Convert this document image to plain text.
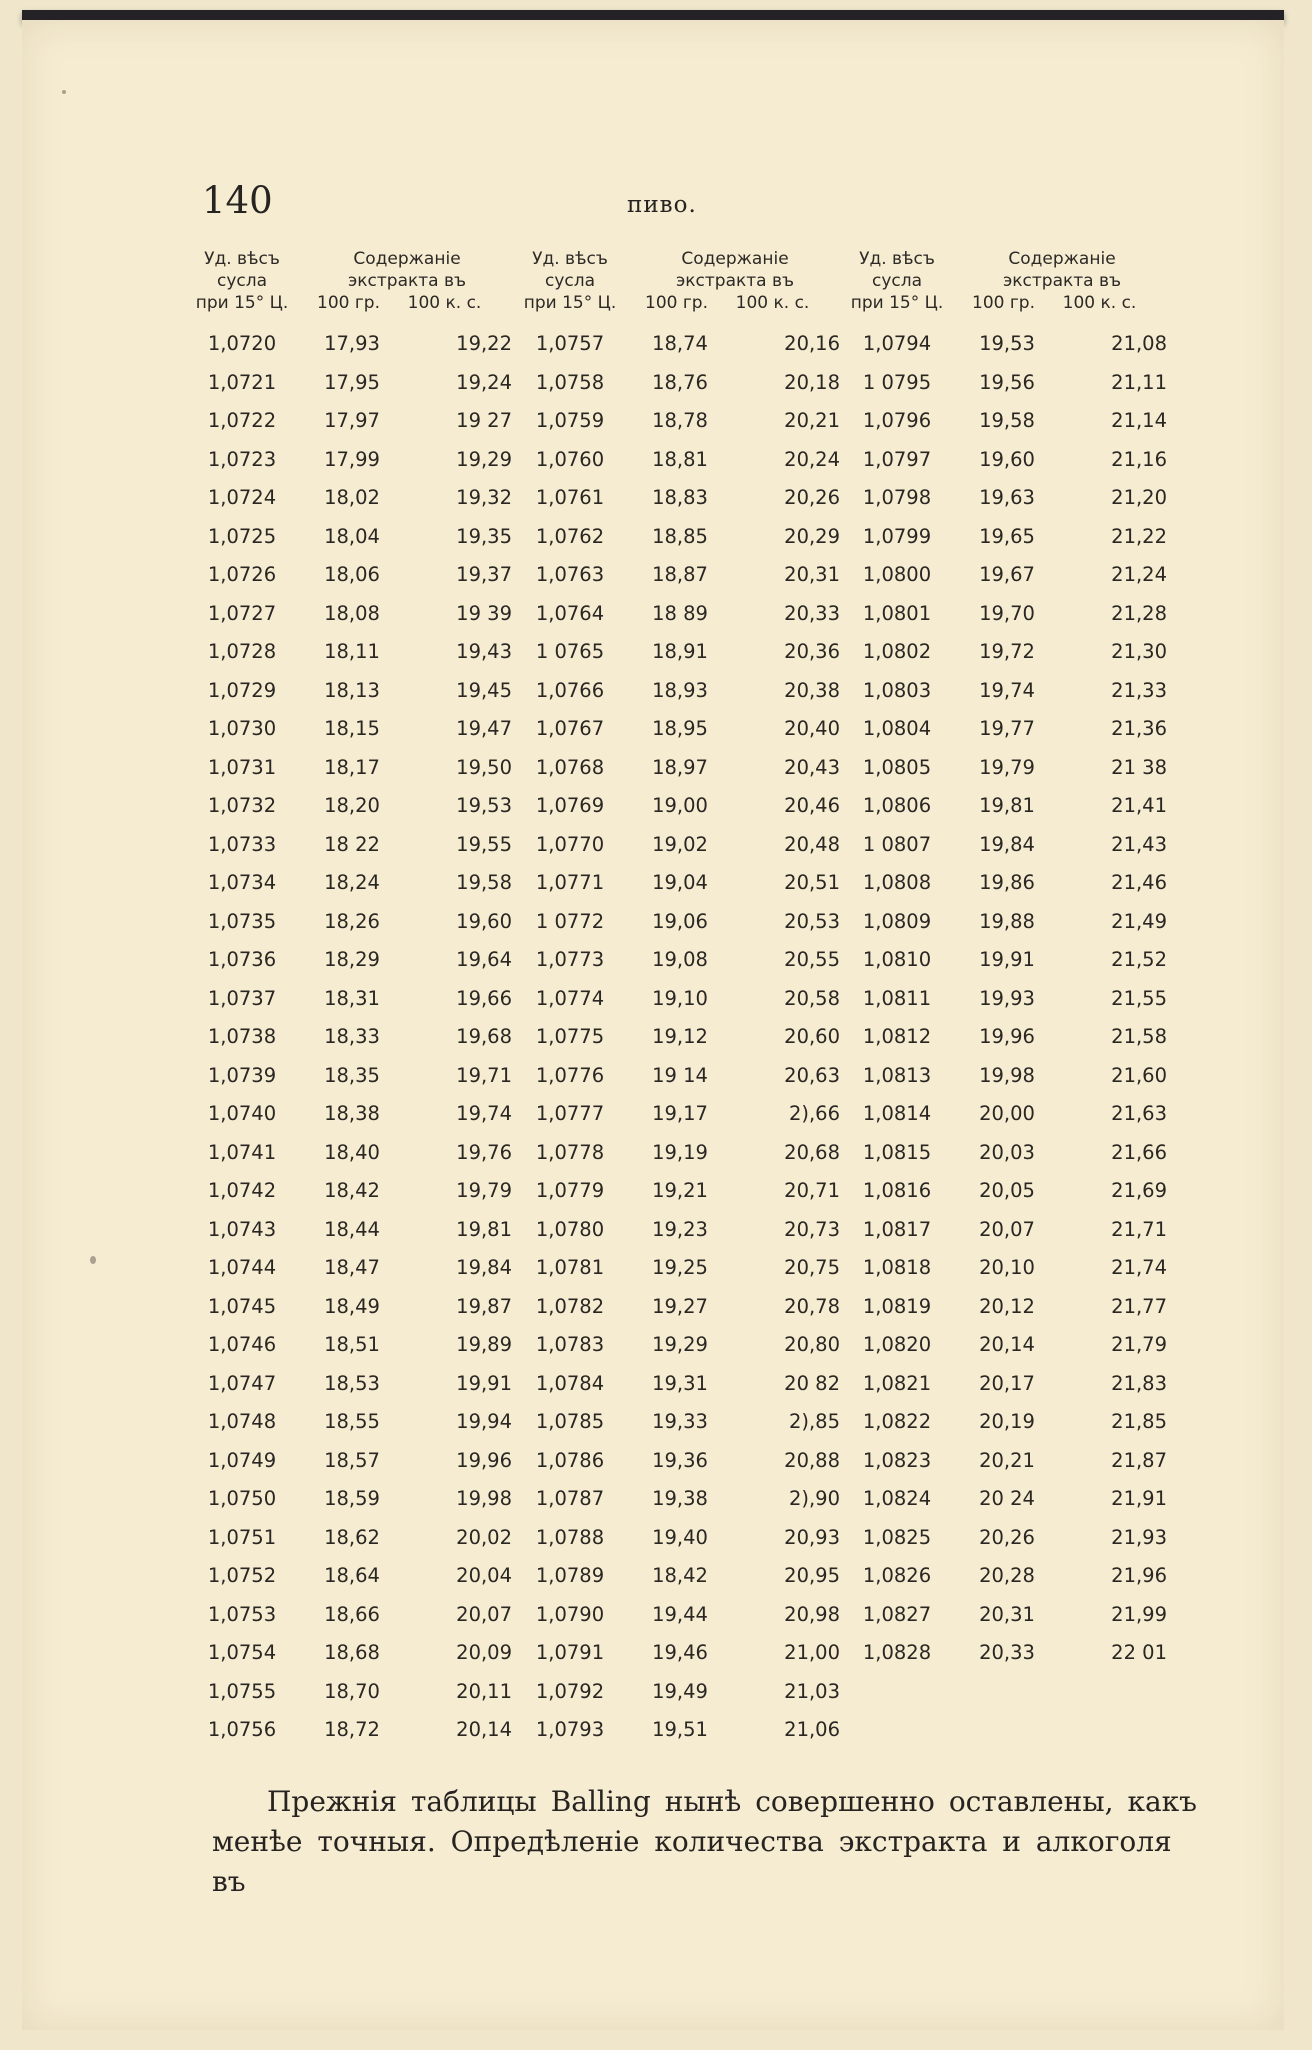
140	пиво.
Уд. вѣсъ
сусла
при 15° Ц.
Содержаніе
экстракта въ
100 гр.	100 к. с.
Уд. вѣсъ
сусла
при 15° Ц.
Содержаніе
экстракта въ
100 гр.	100 к. с.
Уд. вѣсъ
сусла
при 15° Ц.
Содержаніе
экстракта въ
100 гр.	100 к. с.
1,0720	17,93	19,22
1,0721	17,95	19,24
1,0722	17,97	19 27
1,0723	17,99	19,29
1,0724	18,02	19,32
1,0725	18,04	19,35
1,0726	18,06	19,37
1,0727	18,08	19 39
1,0728	18,11	19,43
1,0729	18,13	19,45
1,0730	18,15	19,47
1,0731	18,17	19,50
1,0732	18,20	19,53
1,0733	18 22	19,55
1,0734	18,24	19,58
1,0735	18,26	19,60
1,0736	18,29	19,64
1,0737	18,31	19,66
1,0738	18,33	19,68
1,0739	18,35	19,71
1,0740	18,38	19,74
1,0741	18,40	19,76
1,0742	18,42	19,79
1,0743	18,44	19,81
1,0744	18,47	19,84
1,0745	18,49	19,87
1,0746	18,51	19,89
1,0747	18,53	19,91
1,0748	18,55	19,94
1,0749	18,57	19,96
1,0750	18,59	19,98
1,0751	18,62	20,02
1,0752	18,64	20,04
1,0753	18,66	20,07
1,0754	18,68	20,09
1,0755	18,70	20,11
1,0756	18,72	20,14
1,0757	18,74	20,16
1,0758	18,76	20,18
1,0759	18,78	20,21
1,0760	18,81	20,24
1,0761	18,83	20,26
1,0762	18,85	20,29
1,0763	18,87	20,31
1,0764	18 89	20,33
1 0765	18,91	20,36
1,0766	18,93	20,38
1,0767	18,95	20,40
1,0768	18,97	20,43
1,0769	19,00	20,46
1,0770	19,02	20,48
1,0771	19,04	20,51
1 0772	19,06	20,53
1,0773	19,08	20,55
1,0774	19,10	20,58
1,0775	19,12	20,60
1,0776	19 14	20,63
1,0777	19,17	2),66
1,0778	19,19	20,68
1,0779	19,21	20,71
1,0780	19,23	20,73
1,0781	19,25	20,75
1,0782	19,27	20,78
1,0783	19,29	20,80
1,0784	19,31	20 82
1,0785	19,33	2),85
1,0786	19,36	20,88
1,0787	19,38	2),90
1,0788	19,40	20,93
1,0789	18,42	20,95
1,0790	19,44	20,98
1,0791	19,46	21,00
1,0792	19,49	21,03
1,0793	19,51	21,06
1,0794	19,53	21,08
1 0795	19,56	21,11
1,0796	19,58	21,14
1,0797	19,60	21,16
1,0798	19,63	21,20
1,0799	19,65	21,22
1,0800	19,67	21,24
1,0801	19,70	21,28
1,0802	19,72	21,30
1,0803	19,74	21,33
1,0804	19,77	21,36
1,0805	19,79	21 38
1,0806	19,81	21,41
1 0807	19,84	21,43
1,0808	19,86	21,46
1,0809	19,88	21,49
1,0810	19,91	21,52
1,0811	19,93	21,55
1,0812	19,96	21,58
1,0813	19,98	21,60
1,0814	20,00	21,63
1,0815	20,03	21,66
1,0816	20,05	21,69
1,0817	20,07	21,71
1,0818	20,10	21,74
1,0819	20,12	21,77
1,0820	20,14	21,79
1,0821	20,17	21,83
1,0822	20,19	21,85
1,0823	20,21	21,87
1,0824	20 24	21,91
1,0825	20,26	21,93
1,0826	20,28	21,96
1,0827	20,31	21,99
1,0828	20,33	22 01

Прежнія таблицы Balling нынѣ совершенно оставлены, какъ

менѣе точныя. Опредѣленіе количества экстракта и алкоголя въ
